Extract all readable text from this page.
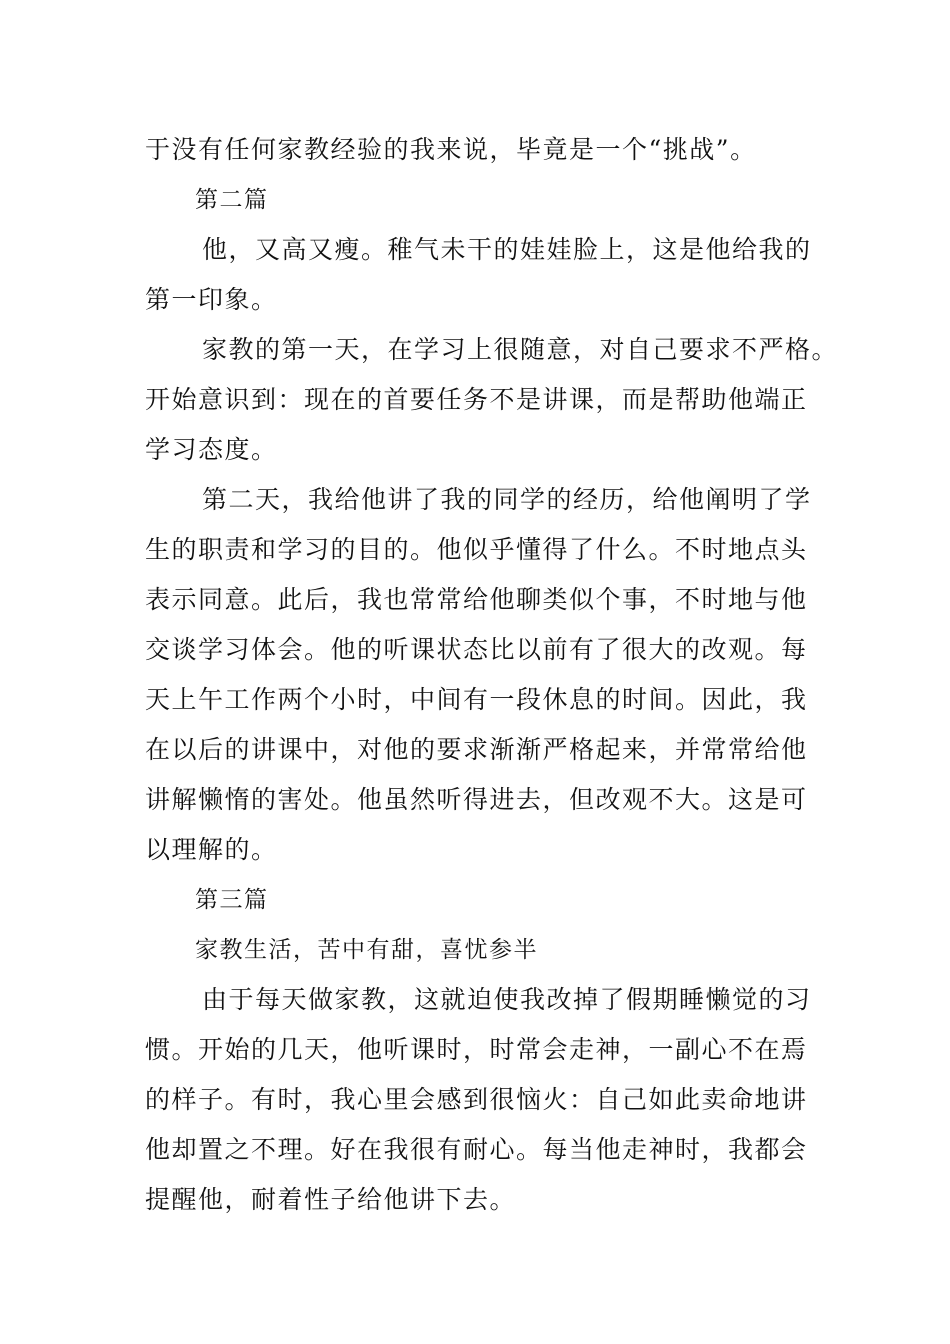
于没有任何家教经验的我来说，毕竟是一个“挑战”。
第二篇
他，又高又瘦。稚气未干的娃娃脸上，这是他给我的
第一印象。
家教的第一天，在学习上很随意，对自己要求不严格。
开始意识到：现在的首要任务不是讲课，而是帮助他端正
学习态度。
第二天，我给他讲了我的同学的经历，给他阐明了学
生的职责和学习的目的。他似乎懂得了什么。不时地点头
表示同意。此后，我也常常给他聊类似个事，不时地与他
交谈学习体会。他的听课状态比以前有了很大的改观。每
天上午工作两个小时，中间有一段休息的时间。因此，我
在以后的讲课中，对他的要求渐渐严格起来，并常常给他
讲解懒惰的害处。他虽然听得进去，但改观不大。这是可
以理解的。
第三篇
家教生活，苦中有甜，喜忧参半
由于每天做家教，这就迫使我改掉了假期睡懒觉的习
惯。开始的几天，他听课时，时常会走神，一副心不在焉
的样子。有时，我心里会感到很恼火：自己如此卖命地讲
他却置之不理。好在我很有耐心。每当他走神时，我都会
提醒他，耐着性子给他讲下去。
